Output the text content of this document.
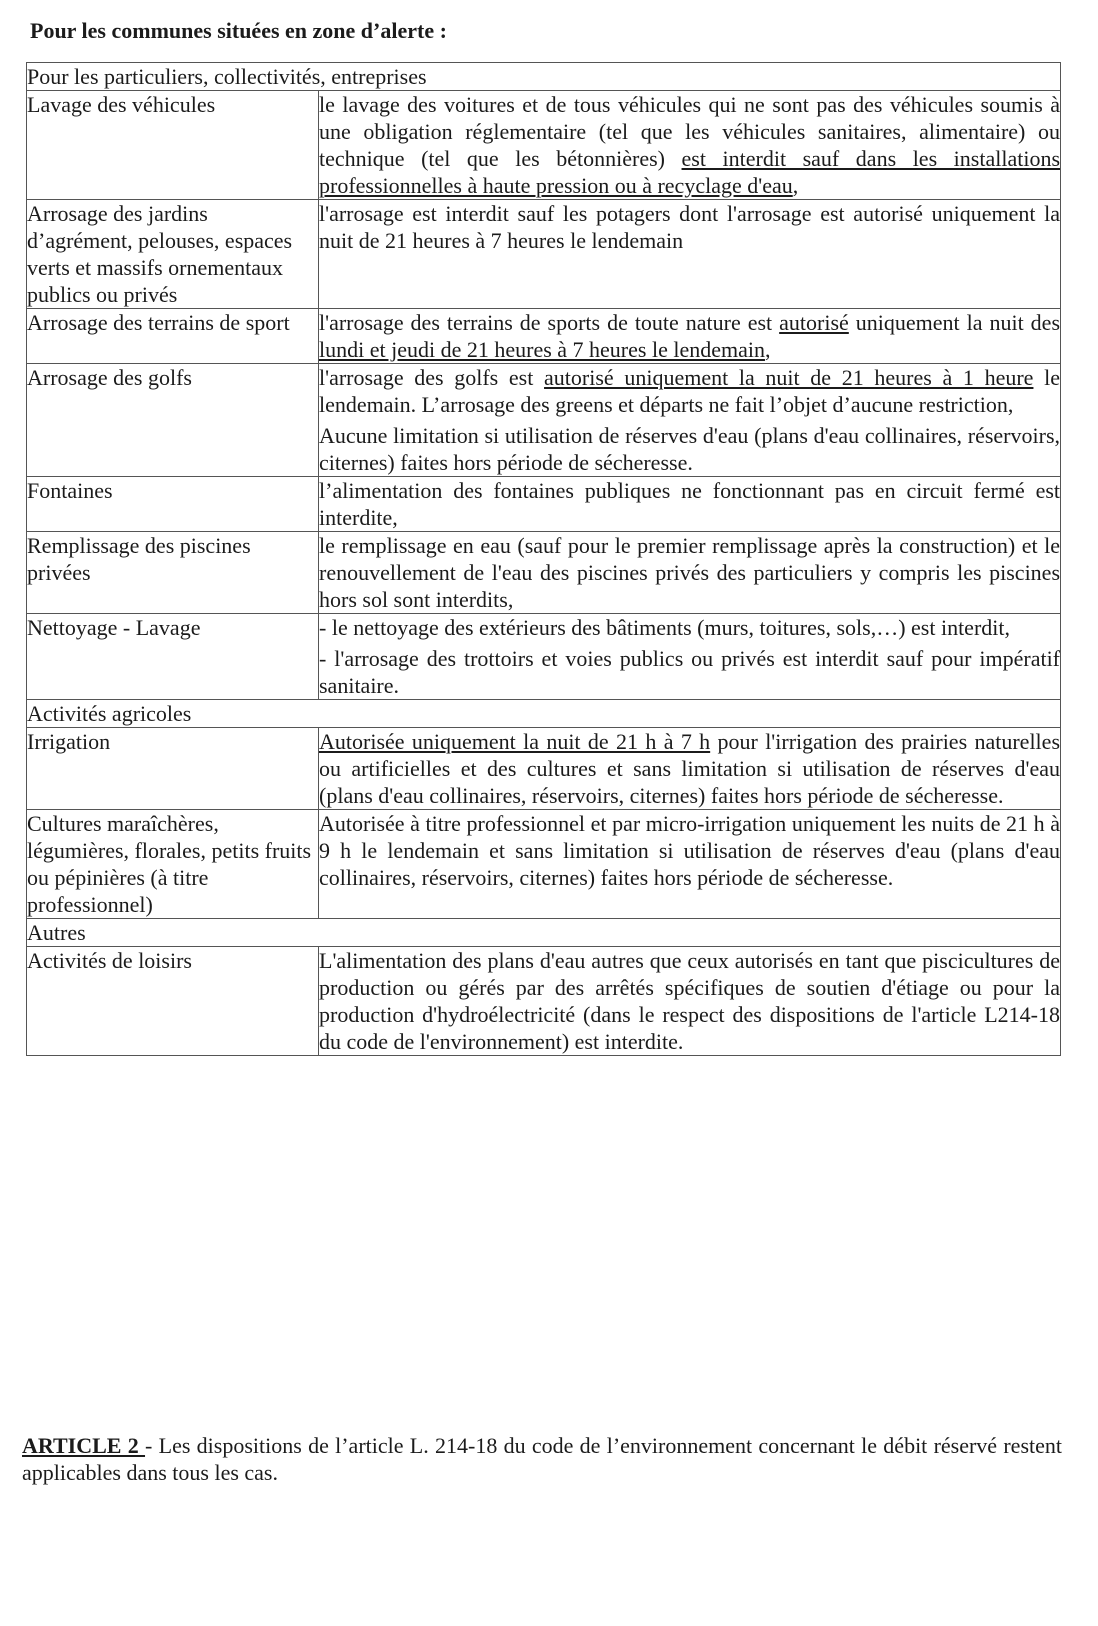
Pour les communes situées en zone d’alerte :
Pour les particuliers, collectivités, entreprises	
Lavage des véhicules	le lavage des voitures et de tous véhicules qui ne sont pas des véhicules soumis à une obligation réglementaire (tel que les véhicules sanitaires, alimentaire) ou technique (tel que les bétonnières) est interdit sauf dans les installations professionnelles à haute pression ou à recyclage d'eau,

Arrosage des jardins d’agrément, pelouses, espaces verts et massifs ornementaux publics ou privés	l'arrosage est interdit sauf les potagers dont l'arrosage est autorisé uniquement la nuit de 21 heures à 7 heures le lendemain

Arrosage des terrains de sport	l'arrosage des terrains de sports de toute nature est autorisé uniquement la nuit des lundi et jeudi de 21 heures à 7 heures le lendemain,

Arrosage des golfs	l'arrosage des golfs est autorisé uniquement la nuit de 21 heures à 1 heure le lendemain. L’arrosage des greens et départs ne fait l’objet d’aucune restriction,

Aucune limitation si utilisation de réserves d'eau (plans d'eau collinaires, réservoirs, citernes) faites hors période de sécheresse.

Fontaines	l’alimentation des fontaines publiques ne fonctionnant pas en circuit fermé est interdite,

Remplissage des piscines privées	le remplissage en eau (sauf pour le premier remplissage après la construction) et le renouvellement de l'eau des piscines privés des particuliers y compris les piscines hors sol sont interdits,

Nettoyage - Lavage	- le nettoyage des extérieurs des bâtiments (murs, toitures, sols,…) est interdit,

- l'arrosage des trottoirs et voies publics ou privés est interdit sauf pour impératif sanitaire.

Activités agricoles	
Irrigation	Autorisée uniquement la nuit de 21 h à 7 h pour l'irrigation des prairies naturelles ou artificielles et des cultures et sans limitation si utilisation de réserves d'eau (plans d'eau collinaires, réservoirs, citernes) faites hors période de sécheresse.

Cultures maraîchères, légumières, florales, petits fruits ou pépinières (à titre professionnel)	Autorisée à titre professionnel et par micro-irrigation uniquement les nuits de 21 h à 9 h le lendemain et sans limitation si utilisation de réserves d'eau (plans d'eau collinaires, réservoirs, citernes) faites hors période de sécheresse.

Autres	
Activités de loisirs	L'alimentation des plans d'eau autres que ceux autorisés en tant que piscicultures de production ou gérés par des arrêtés spécifiques de soutien d'étiage ou pour la production d'hydroélectricité (dans le respect des dispositions de l'article L214-18 du code de l'environnement) est interdite.

ARTICLE 2 - Les dispositions de l’article L. 214-18 du code de l’environnement concernant le débit réservé restent applicables dans tous les cas.
